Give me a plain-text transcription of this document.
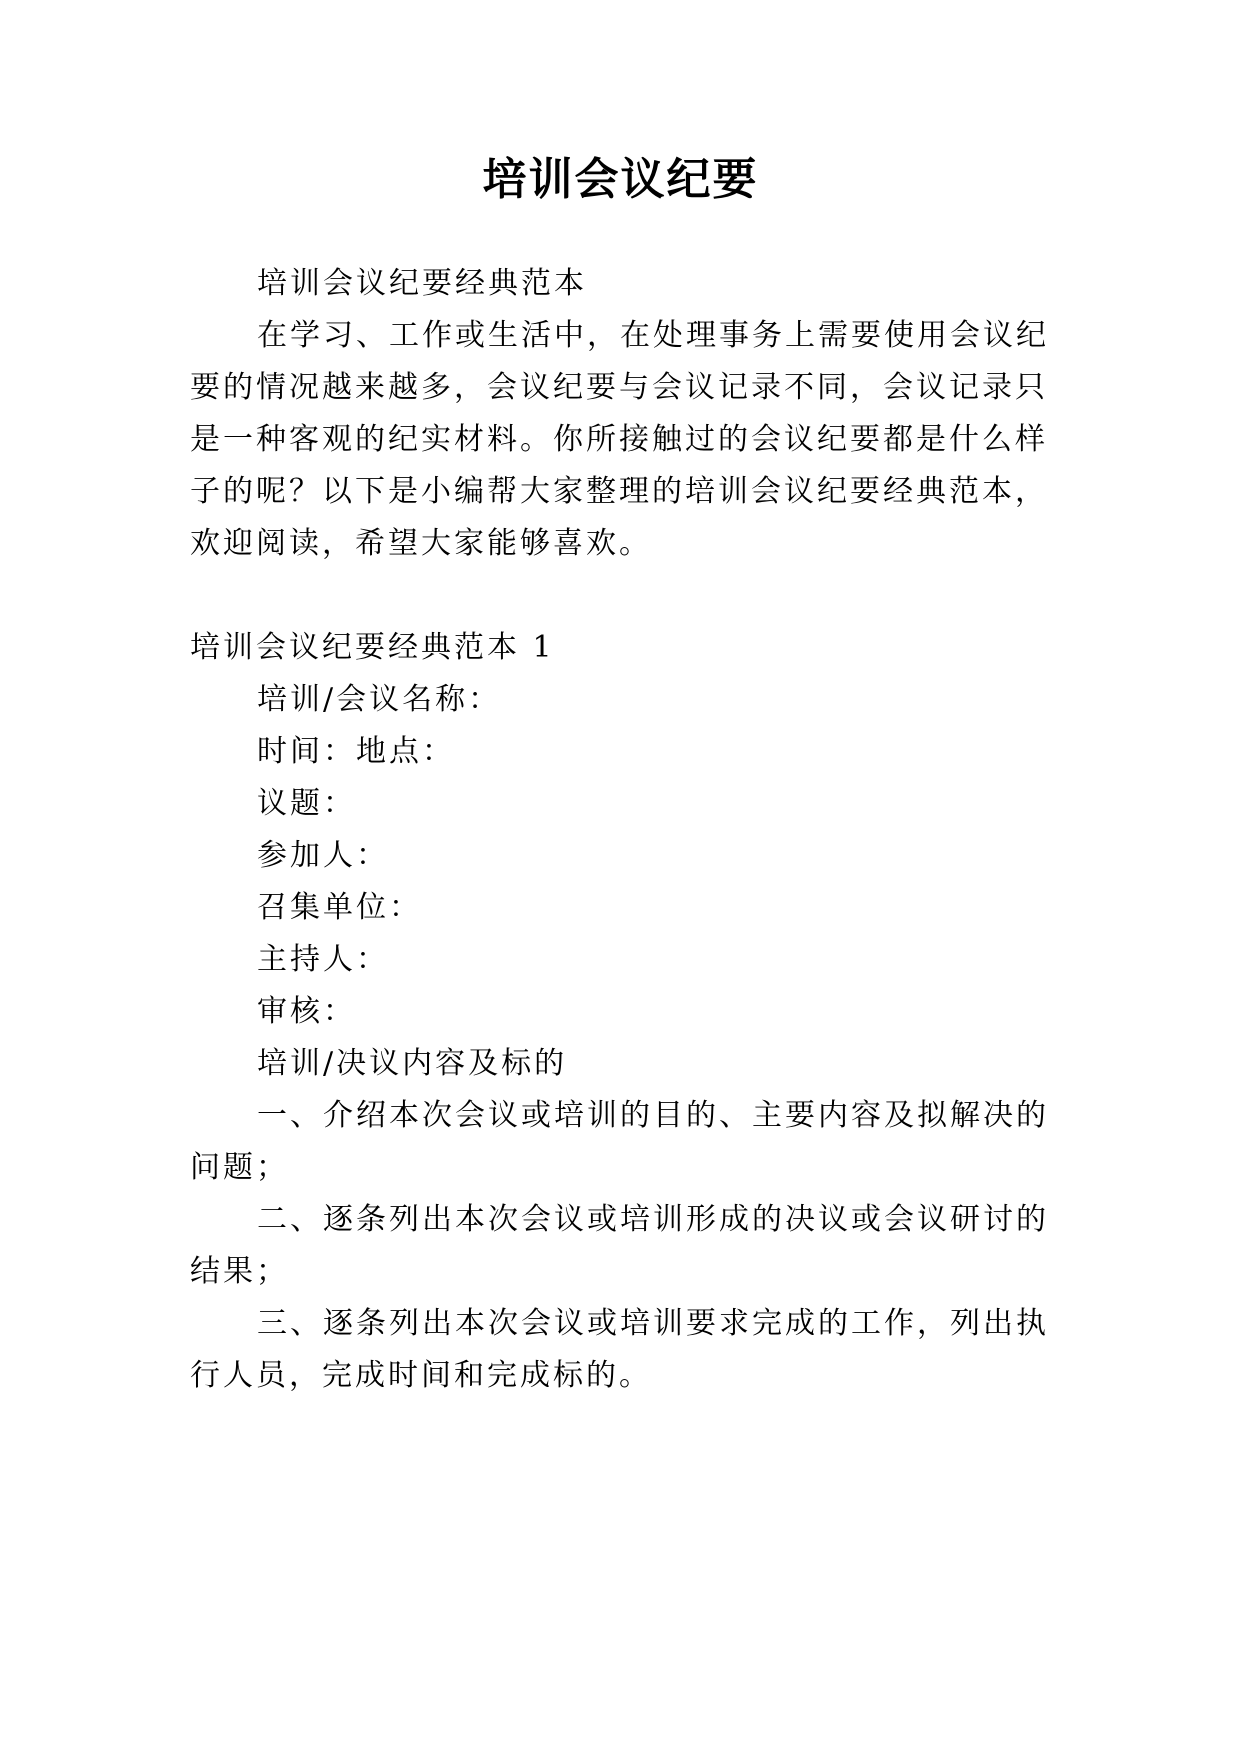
培训会议纪要
培训会议纪要经典范本
在学习、工作或生活中，在处理事务上需要使用会议纪
要的情况越来越多，会议纪要与会议记录不同，会议记录只
是一种客观的纪实材料。你所接触过的会议纪要都是什么样
子的呢？以下是小编帮大家整理的培训会议纪要经典范本，
欢迎阅读，希望大家能够喜欢。
培训会议纪要经典范本 1
培训/会议名称：
时间：地点：
议题：
参加人：
召集单位：
主持人：
审核：
培训/决议内容及标的
一、介绍本次会议或培训的目的、主要内容及拟解决的
问题；
二、逐条列出本次会议或培训形成的决议或会议研讨的
结果；
三、逐条列出本次会议或培训要求完成的工作，列出执
行人员，完成时间和完成标的。
